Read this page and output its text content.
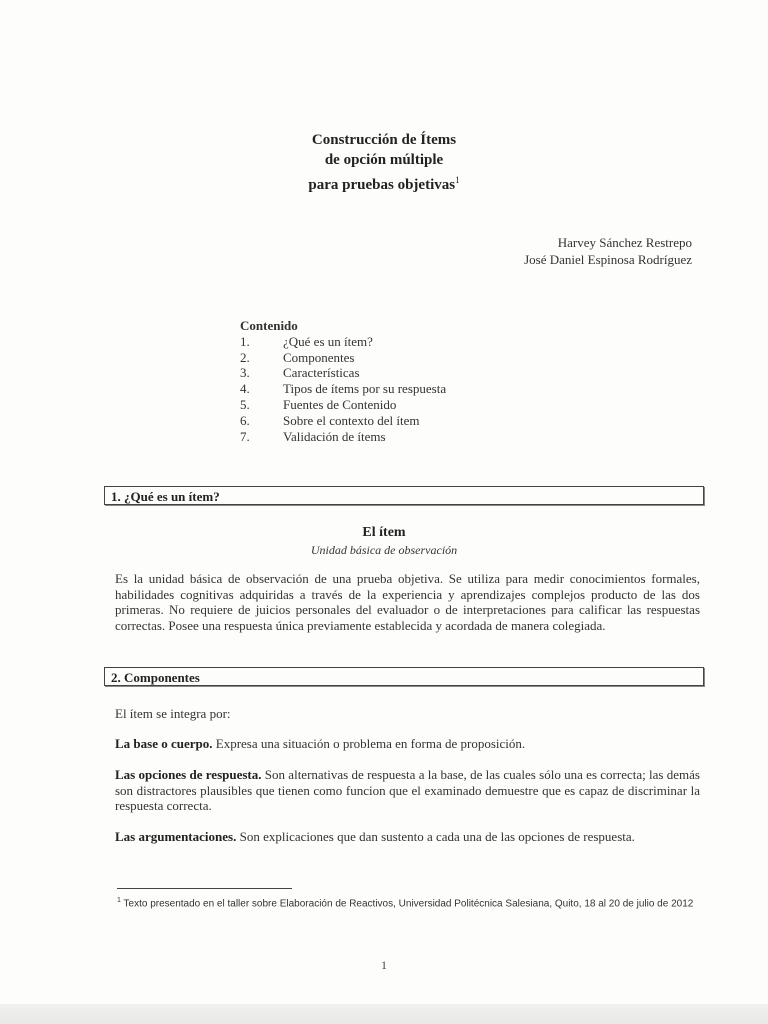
Construcción de Ítems
de opción múltiple
para pruebas objetivas$^1$
Harvey Sánchez Restrepo
José Daniel Espinosa Rodríguez
Contenido
1.	¿Qué es un ítem?
2.	Componentes
3.	Características
4.	Tipos de ítems por su respuesta
5.	Fuentes de Contenido
6.	Sobre el contexto del ítem
7.	Validación de ítems
1. ¿Qué es un ítem?
El ítem
Unidad básica de observación

Es la unidad básica de observación de una prueba objetiva. Se utiliza para medir conocimientos formales, habilidades cognitivas adquiridas a través de la experiencia y aprendizajes complejos producto de las dos primeras. No requiere de juicios personales del evaluador o de interpretaciones para calificar las respuestas correctas. Posee una respuesta única previamente establecida y acordada de manera colegiada.

2. Componentes

El ítem se integra por:

La base o cuerpo. Expresa una situación o problema en forma de proposición.

Las opciones de respuesta. Son alternativas de respuesta a la base, de las cuales sólo una es correcta; las demás son distractores plausibles que tienen como funcion que el examinado demuestre que es capaz de discriminar la respuesta correcta.

Las argumentaciones. Son explicaciones que dan sustento a cada una de las opciones de respuesta.

$^1$ Texto presentado en el taller sobre Elaboración de Reactivos, Universidad Politécnica Salesiana, Quito, 18 al 20 de julio de 2012
1
